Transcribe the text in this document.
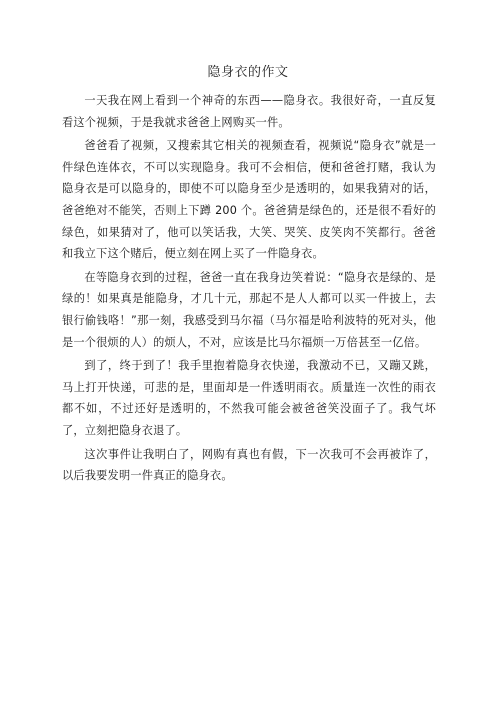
隐身衣的作文

一天我在网上看到一个神奇的东西——隐身衣。我很好奇，一直反复看这个视频，于是我就求爸爸上网购买一件。

爸爸看了视频，又搜索其它相关的视频查看，视频说“隐身衣”就是一件绿色连体衣，不可以实现隐身。我可不会相信，便和爸爸打赌，我认为隐身衣是可以隐身的，即使不可以隐身至少是透明的，如果我猜对的话，爸爸绝对不能笑，否则上下蹲 200 个。爸爸猜是绿色的，还是很不看好的绿色，如果猜对了，他可以笑话我，大笑、哭笑、皮笑肉不笑都行。爸爸和我立下这个赌后，便立刻在网上买了一件隐身衣。

在等隐身衣到的过程，爸爸一直在我身边笑着说：“隐身衣是绿的、是绿的！如果真是能隐身，才几十元，那起不是人人都可以买一件披上，去银行偷钱咯！”那一刻，我感受到马尔福（马尔福是哈利波特的死对头，他是一个很烦的人）的烦人，不对，应该是比马尔福烦一万倍甚至一亿倍。

到了，终于到了！我手里抱着隐身衣快递，我激动不已，又蹦又跳，马上打开快递，可悲的是，里面却是一件透明雨衣。质量连一次性的雨衣都不如，不过还好是透明的，不然我可能会被爸爸笑没面子了。我气坏了，立刻把隐身衣退了。

这次事件让我明白了，网购有真也有假，下一次我可不会再被诈了，以后我要发明一件真正的隐身衣。
